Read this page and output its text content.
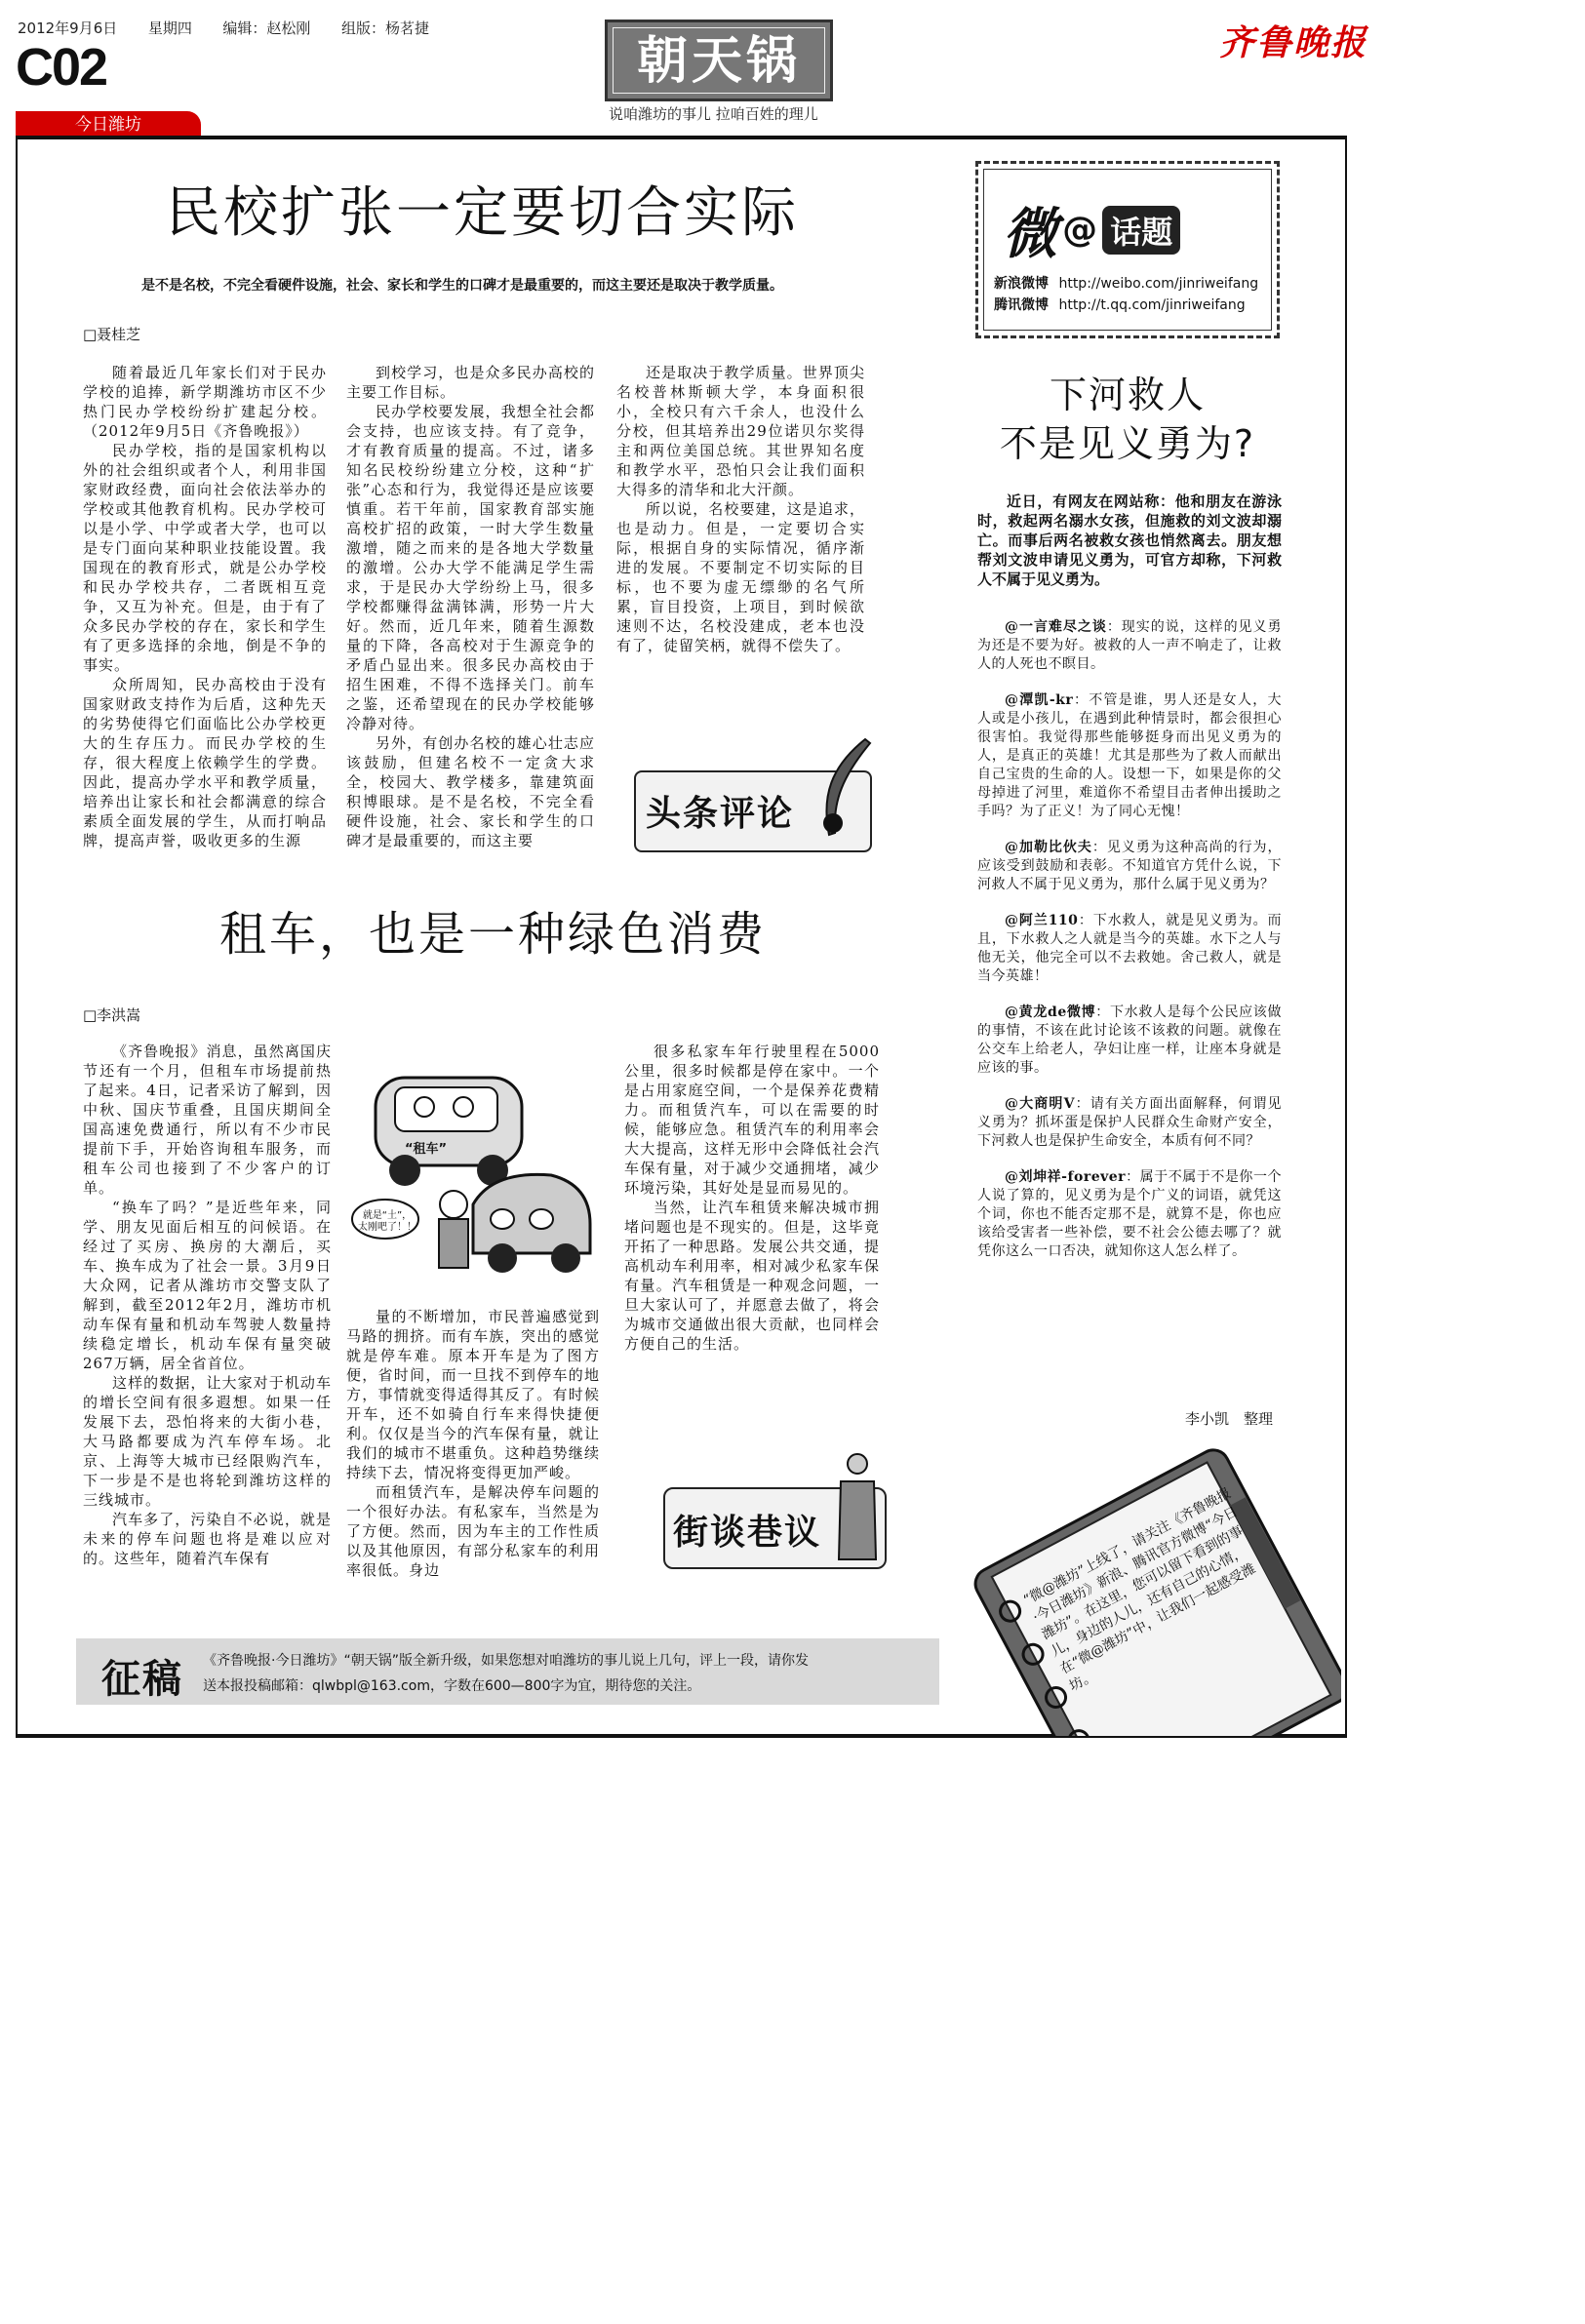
2012年9月6日 星期四 编辑：赵松刚 组版：杨茗捷
C02
今日潍坊
朝天锅
说咱潍坊的事儿 拉咱百姓的理儿
齐鲁晚报
民校扩张一定要切合实际
是不是名校，不完全看硬件设施，社会、家长和学生的口碑才是最重要的，而这主要还是取决于教学质量。
□聂桂芝

随着最近几年家长们对于民办学校的追捧，新学期潍坊市区不少热门民办学校纷纷扩建起分校。（2012年9月5日《齐鲁晚报》）

民办学校，指的是国家机构以外的社会组织或者个人，利用非国家财政经费，面向社会依法举办的学校或其他教育机构。民办学校可以是小学、中学或者大学，也可以是专门面向某种职业技能设置。我国现在的教育形式，就是公办学校和民办学校共存，二者既相互竞争，又互为补充。但是，由于有了众多民办学校的存在，家长和学生有了更多选择的余地，倒是不争的事实。

众所周知，民办高校由于没有国家财政支持作为后盾，这种先天的劣势使得它们面临比公办学校更大的生存压力。而民办学校的生存，很大程度上依赖学生的学费。因此，提高办学水平和教学质量，培养出让家长和社会都满意的综合素质全面发展的学生，从而打响品牌，提高声誉，吸收更多的生源

到校学习，也是众多民办高校的主要工作目标。

民办学校要发展，我想全社会都会支持，也应该支持。有了竞争，才有教育质量的提高。不过，诸多知名民校纷纷建立分校，这种“扩张”心态和行为，我觉得还是应该要慎重。若干年前，国家教育部实施高校扩招的政策，一时大学生数量激增，随之而来的是各地大学数量的激增。公办大学不能满足学生需求，于是民办大学纷纷上马，很多学校都赚得盆满钵满，形势一片大好。然而，近几年来，随着生源数量的下降，各高校对于生源竞争的矛盾凸显出来。很多民办高校由于招生困难，不得不选择关门。前车之鉴，还希望现在的民办学校能够冷静对待。

另外，有创办名校的雄心壮志应该鼓励，但建名校不一定贪大求全，校园大、教学楼多，靠建筑面积博眼球。是不是名校，不完全看硬件设施，社会、家长和学生的口碑才是最重要的，而这主要

还是取决于教学质量。世界顶尖名校普林斯顿大学，本身面积很小，全校只有六千余人，也没什么分校，但其培养出29位诺贝尔奖得主和两位美国总统。其世界知名度和教学水平，恐怕只会让我们面积大得多的清华和北大汗颜。

所以说，名校要建，这是追求，也是动力。但是，一定要切合实际，根据自身的实际情况，循序渐进的发展。不要制定不切实际的目标，也不要为虚无缥缈的名气所累，盲目投资，上项目，到时候欲速则不达，名校没建成，老本也没有了，徒留笑柄，就得不偿失了。

头条评论
租车，也是一种绿色消费
□李洪嵩

《齐鲁晚报》消息，虽然离国庆节还有一个月，但租车市场提前热了起来。4日，记者采访了解到，因中秋、国庆节重叠，且国庆期间全国高速免费通行，所以有不少市民提前下手，开始咨询租车服务，而租车公司也接到了不少客户的订单。

“换车了吗？”是近些年来，同学、朋友见面后相互的问候语。在经过了买房、换房的大潮后，买车、换车成为了社会一景。3月9日大众网，记者从潍坊市交警支队了解到，截至2012年2月，潍坊市机动车保有量和机动车驾驶人数量持续稳定增长，机动车保有量突破267万辆，居全省首位。

这样的数据，让大家对于机动车的增长空间有很多遐想。如果一任发展下去，恐怕将来的大街小巷，大马路都要成为汽车停车场。北京、上海等大城市已经限购汽车，下一步是不是也将轮到潍坊这样的三线城市。

汽车多了，污染自不必说，就是未来的停车问题也将是难以应对的。这些年，随着汽车保有

“租车”
就是“土”，太刚吧了！！

量的不断增加，市民普遍感觉到马路的拥挤。而有车族，突出的感觉就是停车难。原本开车是为了图方便，省时间，而一旦找不到停车的地方，事情就变得适得其反了。有时候开车，还不如骑自行车来得快捷便利。仅仅是当今的汽车保有量，就让我们的城市不堪重负。这种趋势继续持续下去，情况将变得更加严峻。

而租赁汽车，是解决停车问题的一个很好办法。有私家车，当然是为了方便。然而，因为车主的工作性质以及其他原因，有部分私家车的利用率很低。身边

很多私家车年行驶里程在5000公里，很多时候都是停在家中。一个是占用家庭空间，一个是保养花费精力。而租赁汽车，可以在需要的时候，能够应急。租赁汽车的利用率会大大提高，这样无形中会降低社会汽车保有量，对于减少交通拥堵，减少环境污染，其好处是显而易见的。

当然，让汽车租赁来解决城市拥堵问题也是不现实的。但是，这毕竟开拓了一种思路。发展公共交通，提高机动车利用率，相对减少私家车保有量。汽车租赁是一种观念问题，一旦大家认可了，并愿意去做了，将会为城市交通做出很大贡献，也同样会方便自己的生活。

街谈巷议
征稿 《齐鲁晚报·今日潍坊》“朝天锅”版全新升级，如果您想对咱潍坊的事儿说上几句，评上一段，请你发
送本报投稿邮箱：qlwbpl@163.com，字数在600—800字为宜，期待您的关注。
微 @ 话题
新浪微博 http://weibo.com/jinriweifang
腾讯微博 http://t.qq.com/jinriweifang
下河救人
不是见义勇为?

近日，有网友在网站称：他和朋友在游泳时，救起两名溺水女孩，但施救的刘文波却溺亡。而事后两名被救女孩也悄然离去。朋友想帮刘文波申请见义勇为，可官方却称，下河救人不属于见义勇为。

@一言难尽之谈：现实的说，这样的见义勇为还是不要为好。被救的人一声不响走了，让救人的人死也不瞑目。

@潭凯-kr：不管是谁，男人还是女人，大人或是小孩儿，在遇到此种情景时，都会很担心很害怕。我觉得那些能够挺身而出见义勇为的人，是真正的英雄！尤其是那些为了救人而献出自己宝贵的生命的人。设想一下，如果是你的父母掉进了河里，难道你不希望目击者伸出援助之手吗？为了正义！为了同心无愧！

@加勒比伙夫：见义勇为这种高尚的行为，应该受到鼓励和表彰。不知道官方凭什么说，下河救人不属于见义勇为，那什么属于见义勇为？

@阿兰110：下水救人，就是见义勇为。而且，下水救人之人就是当今的英雄。水下之人与他无关，他完全可以不去救她。舍己救人，就是当今英雄！

@黄龙de微博：下水救人是每个公民应该做的事情，不该在此讨论该不该救的问题。就像在公交车上给老人，孕妇让座一样，让座本身就是应该的事。

@大商明V：请有关方面出面解释，何谓见义勇为？抓坏蛋是保护人民群众生命财产安全，下河救人也是保护生命安全，本质有何不同？

@刘坤祥-forever：属于不属于不是你一个人说了算的，见义勇为是个广义的词语，就凭这个词，你也不能否定那不是，就算不是，你也应该给受害者一些补偿，要不社会公德去哪了？就凭你这么一口否决，就知你这人怎么样了。

李小凯　整理
“微@潍坊”上线了，请关注《齐鲁晚报·今日潍坊》新浪、腾讯官方微博“今日潍坊”。在这里，您可以留下看到的事儿，身边的人儿，还有自己的心情，在“微@潍坊”中，让我们一起感受潍坊。
